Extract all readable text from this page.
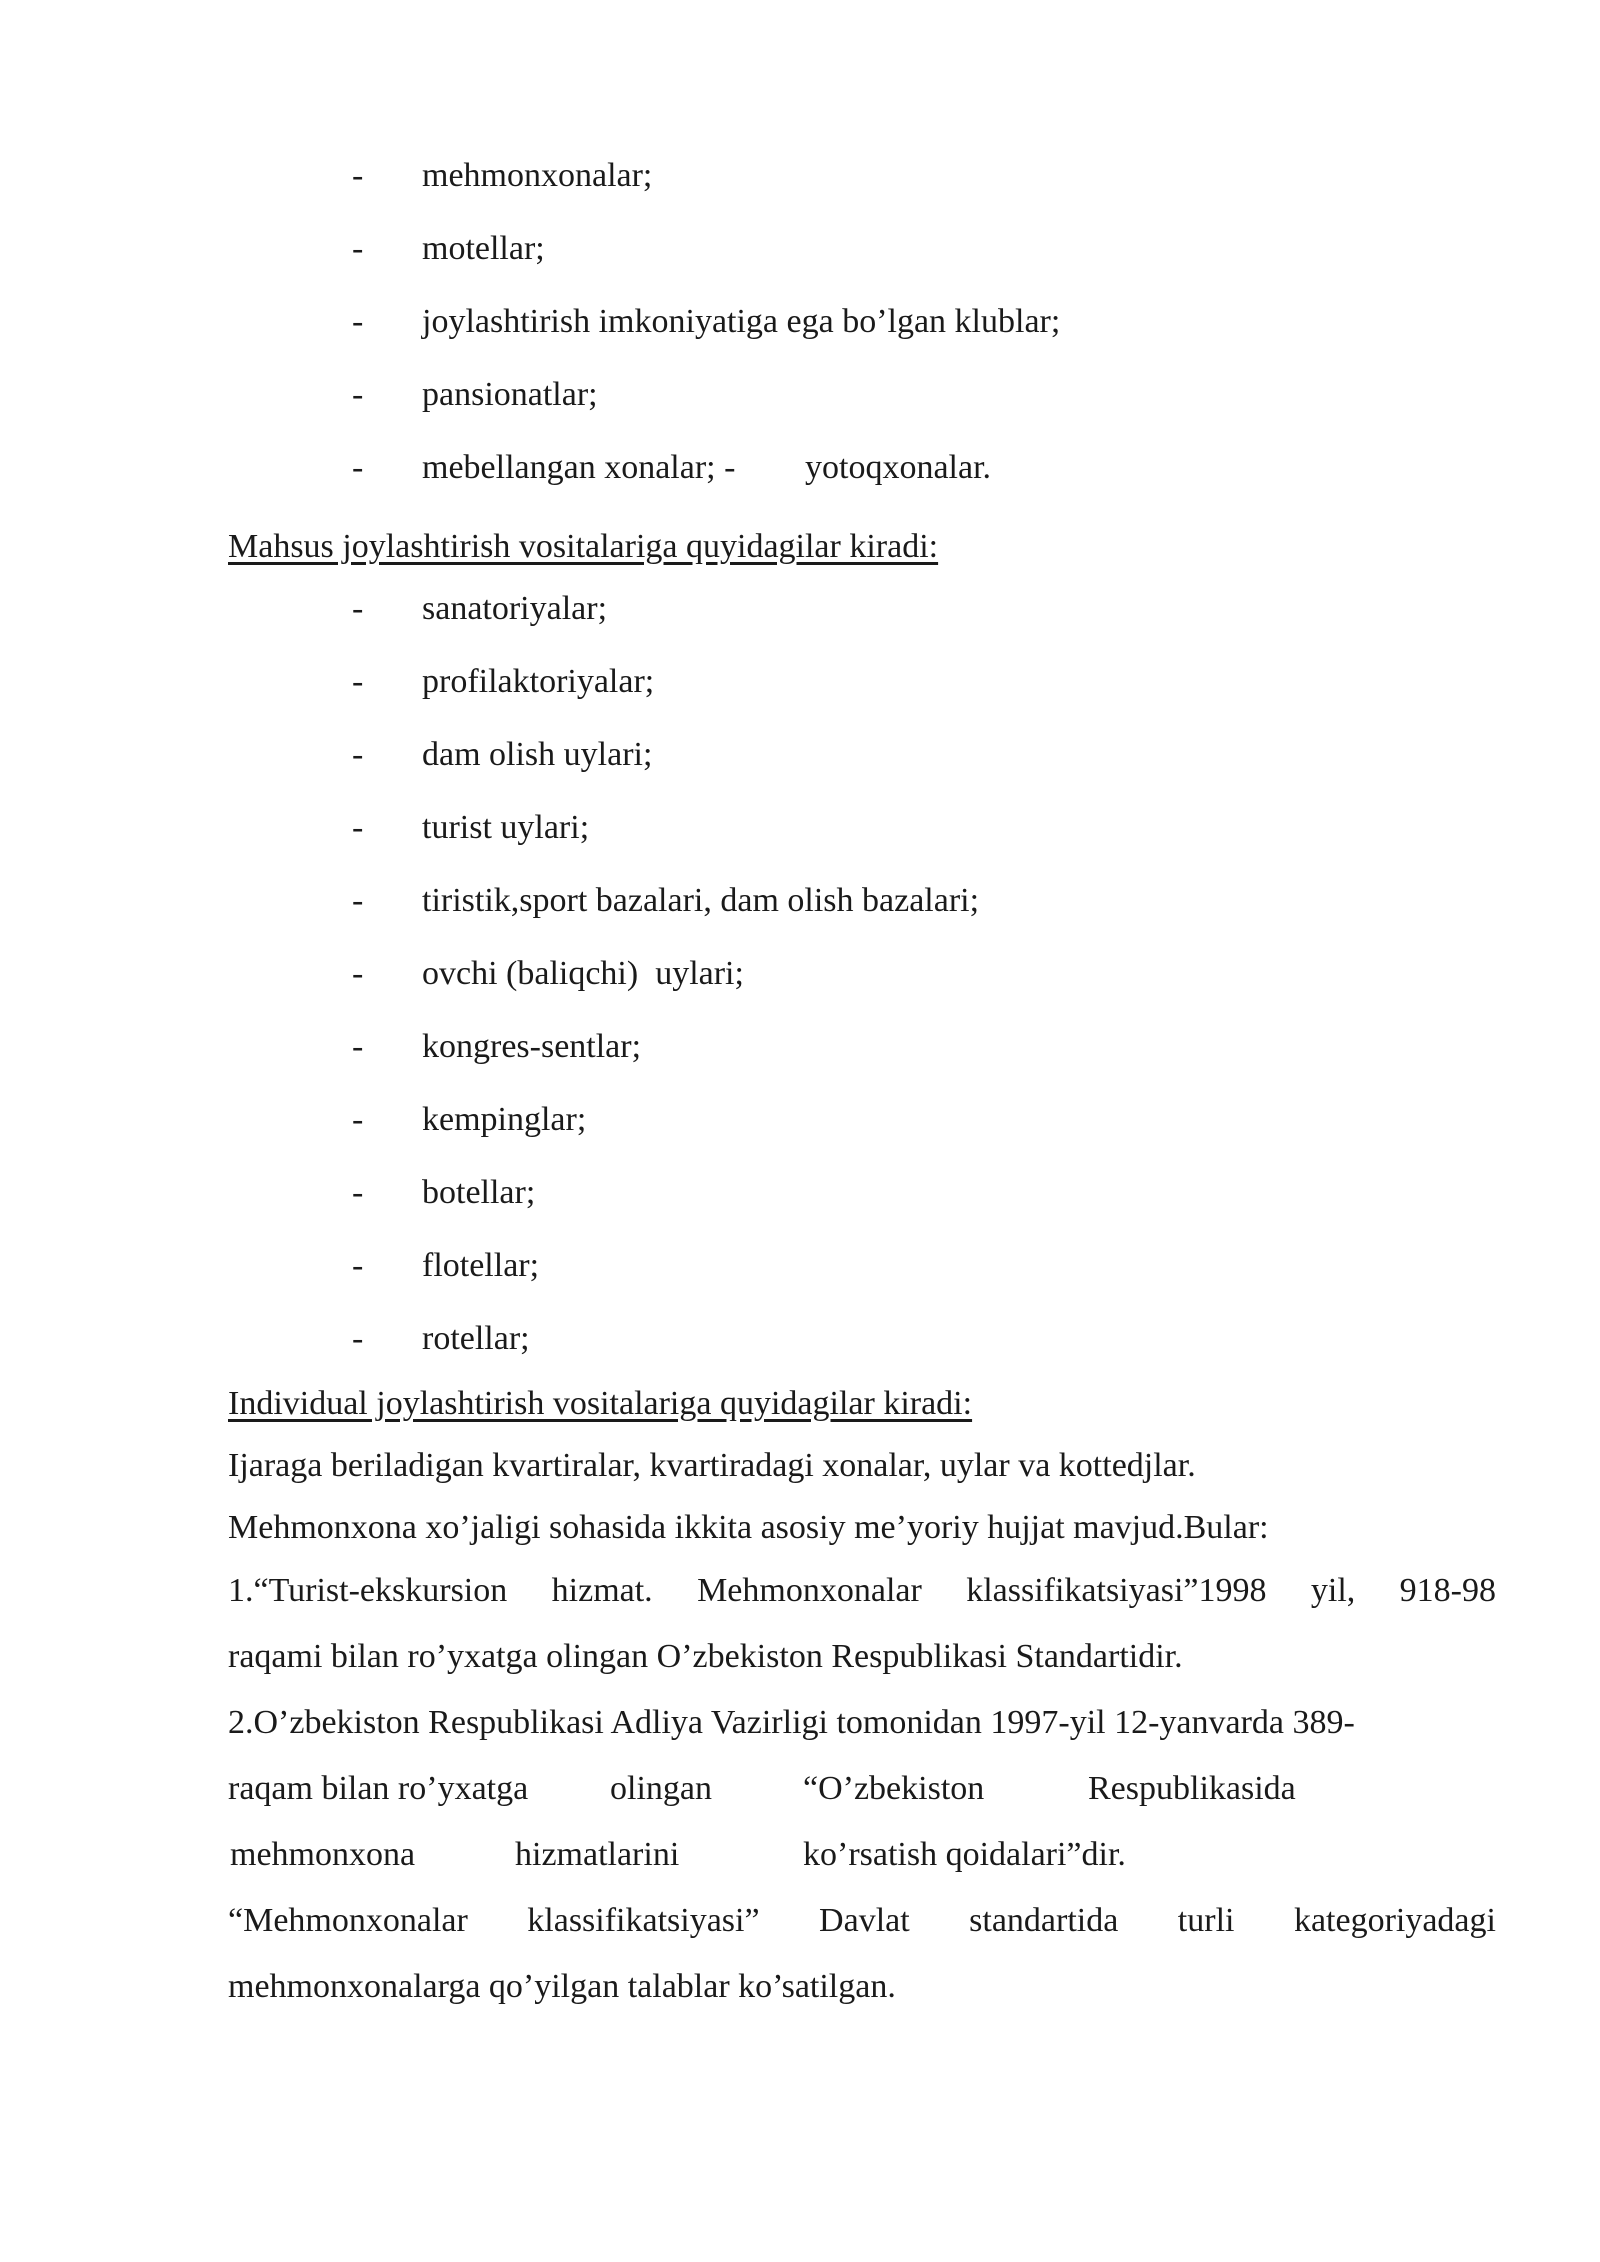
- mehmonxonalar;
- motellar;
- joylashtirish imkoniyatiga ega bo’lgan klublar;
- pansionatlar;
- mebellangan xonalar; - yotoqxonalar.
Mahsus joylashtirish vositalariga quyidagilar kiradi:
- sanatoriyalar;
- profilaktoriyalar;
- dam olish uylari;
- turist uylari;
- tiristik,sport bazalari, dam olish bazalari;
- ovchi (baliqchi)  uylari;
- kongres-sentlar;
- kempinglar;
- botellar;
- flotellar;
- rotellar;
Individual joylashtirish vositalariga quyidagilar kiradi:
Ijaraga beriladigan kvartiralar, kvartiradagi xonalar, uylar va kottedjlar.
Mehmonxona xo’jaligi sohasida ikkita asosiy me’yoriy hujjat mavjud.Bular:
1.“Turist-ekskursion hizmat. Mehmonxonalar klassifikatsiyasi”1998 yil, 918-98
raqami bilan ro’yxatga olingan O’zbekiston Respublikasi Standartidir.
2.O’zbekiston Respublikasi Adliya Vazirligi tomonidan 1997-yil 12-yanvarda 389-
raqam bilan ro’yxatga olingan	“O’zbekiston	Respublikasida
mehmonxona	hizmatlarini	ko’rsatish qoidalari”dir.
“Mehmonxonalar klassifikatsiyasi” Davlat standartida turli kategoriyadagi
mehmonxonalarga qo’yilgan talablar ko’satilgan.
